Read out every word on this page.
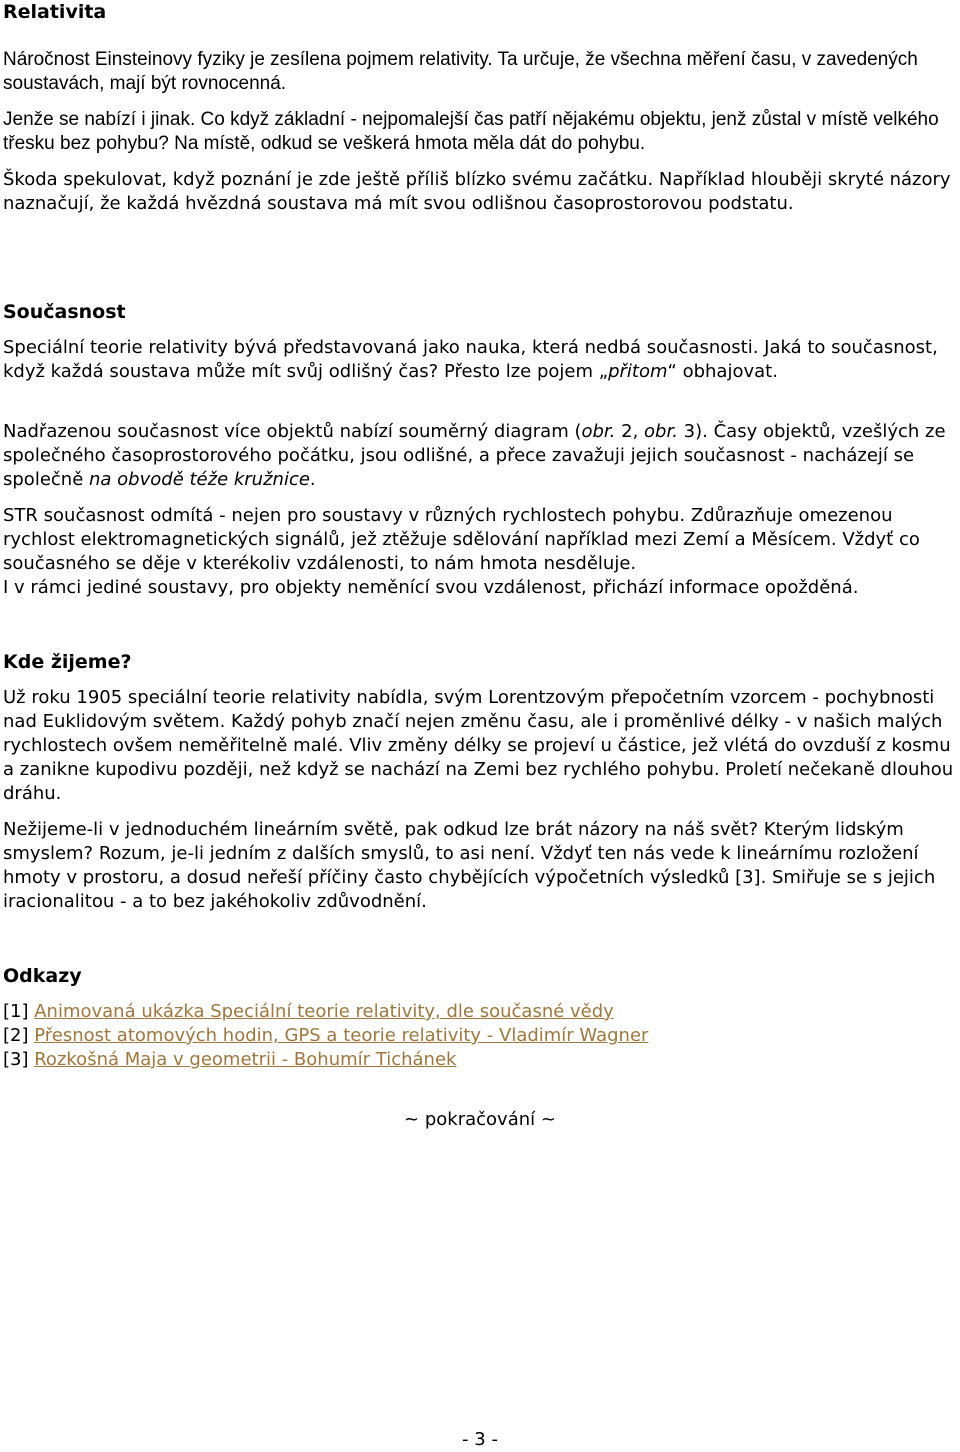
Relativita

Náročnost Einsteinovy fyziky je zesílena pojmem relativity. Ta určuje, že všechna měření času, v zavedených soustavách, mají být rovnocenná.

Jenže se nabízí i jinak. Co když základní - nejpomalejší čas patří nějakému objektu, jenž zůstal v místě velkého třesku bez pohybu? Na místě, odkud se veškerá hmota měla dát do pohybu.

Škoda spekulovat, když poznání je zde ještě příliš blízko svému začátku. Například hlouběji skryté názory naznačují, že každá hvězdná soustava má mít svou odlišnou časoprostorovou podstatu.

Současnost

Speciální teorie relativity bývá představovaná jako nauka, která nedbá současnosti. Jaká to současnost, když každá soustava může mít svůj odlišný čas? Přesto lze pojem „přitom“ obhajovat.

Nadřazenou současnost více objektů nabízí souměrný diagram (obr. 2, obr. 3). Časy objektů, vzešlých ze společného časoprostorového počátku, jsou odlišné, a přece zavažuji jejich současnost - nacházejí se společně na obvodě téže kružnice.

STR současnost odmítá - nejen pro soustavy v různých rychlostech pohybu. Zdůrazňuje omezenou rychlost elektromagnetických signálů, jež ztěžuje sdělování například mezi Zemí a Měsícem. Vždyť co současného se děje v kterékoliv vzdálenosti, to nám hmota nesděluje.

I v rámci jediné soustavy, pro objekty neměnící svou vzdálenost, přichází informace opožděná.

Kde žijeme?

Už roku 1905 speciální teorie relativity nabídla, svým Lorentzovým přepočetním vzorcem - pochybnosti nad Euklidovým světem. Každý pohyb značí nejen změnu času, ale i proměnlivé délky - v našich malých rychlostech ovšem neměřitelně malé. Vliv změny délky se projeví u částice, jež vlétá do ovzduší z kosmu a zanikne kupodivu později, než když se nachází na Zemi bez rychlého pohybu. Proletí nečekaně dlouhou dráhu.

Nežijeme-li v jednoduchém lineárním světě, pak odkud lze brát názory na náš svět? Kterým lidským smyslem? Rozum, je-li jedním z dalších smyslů, to asi není. Vždyť ten nás vede k lineárnímu rozložení hmoty v prostoru, a dosud neřeší příčiny často chybějících výpočetních výsledků [3]. Smiřuje se s jejich iracionalitou - a to bez jakéhokoliv zdůvodnění.

Odkazy
[1] Animovaná ukázka Speciální teorie relativity, dle současné vědy
[2] Přesnost atomových hodin, GPS a teorie relativity - Vladimír Wagner
[3] Rozkošná Maja v geometrii - Bohumír Tichánek

~ pokračování ~

- 3 -
